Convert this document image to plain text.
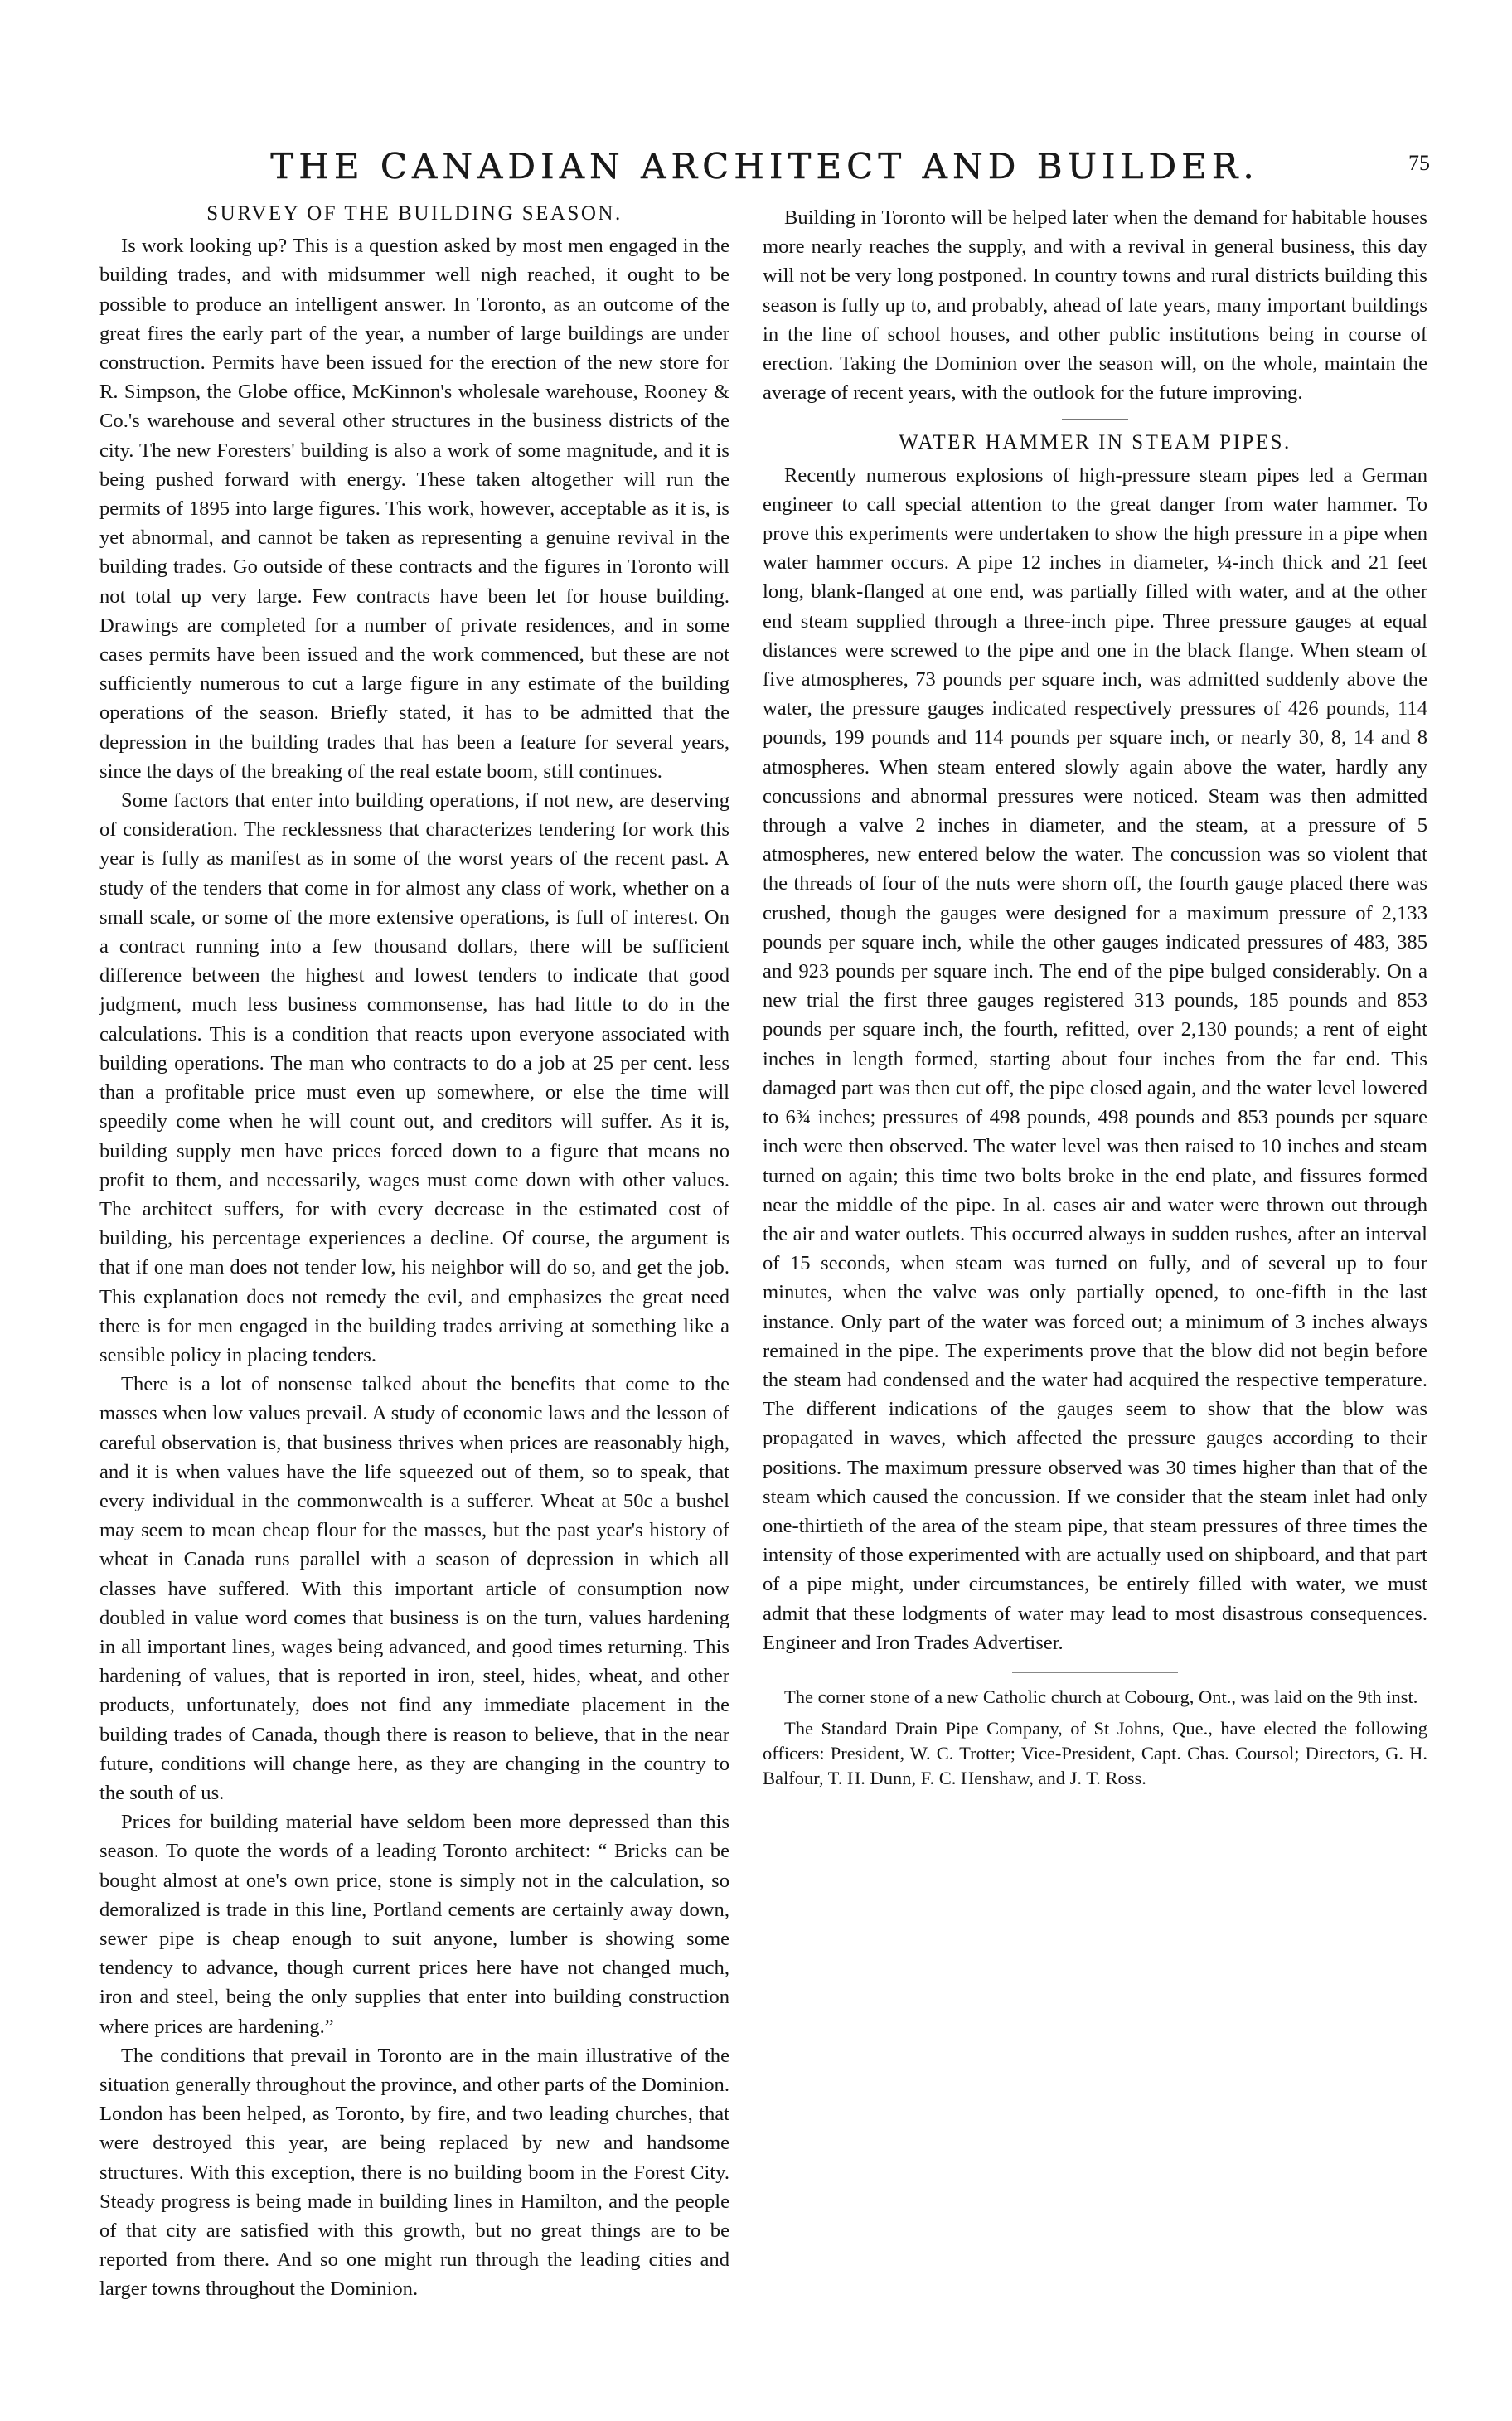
THE CANADIAN ARCHITECT AND BUILDER.	75
SURVEY OF THE BUILDING SEASON.

Is work looking up? This is a question asked by most men engaged in the building trades, and with midsummer well nigh reached, it ought to be possible to produce an intelligent answer. In Toronto, as an outcome of the great fires the early part of the year, a number of large buildings are under construction. Permits have been issued for the erection of the new store for R. Simpson, the Globe office, McKinnon's wholesale warehouse, Rooney & Co.'s warehouse and several other structures in the business districts of the city. The new Foresters' building is also a work of some magnitude, and it is being pushed forward with energy. These taken altogether will run the permits of 1895 into large figures. This work, however, acceptable as it is, is yet abnormal, and cannot be taken as representing a genuine revival in the building trades. Go outside of these contracts and the figures in Toronto will not total up very large. Few contracts have been let for house building. Drawings are completed for a number of private residences, and in some cases permits have been issued and the work commenced, but these are not sufficiently numerous to cut a large figure in any estimate of the building operations of the season. Briefly stated, it has to be admitted that the depression in the building trades that has been a feature for several years, since the days of the breaking of the real estate boom, still continues.

Some factors that enter into building operations, if not new, are deserving of consideration. The recklessness that characterizes tendering for work this year is fully as manifest as in some of the worst years of the recent past. A study of the tenders that come in for almost any class of work, whether on a small scale, or some of the more extensive operations, is full of interest. On a contract running into a few thousand dollars, there will be sufficient difference between the highest and lowest tenders to indicate that good judgment, much less business commonsense, has had little to do in the calculations. This is a condition that reacts upon everyone associated with building operations. The man who contracts to do a job at 25 per cent. less than a profitable price must even up somewhere, or else the time will speedily come when he will count out, and creditors will suffer. As it is, building supply men have prices forced down to a figure that means no profit to them, and necessarily, wages must come down with other values. The architect suffers, for with every decrease in the estimated cost of building, his percentage experiences a decline. Of course, the argument is that if one man does not tender low, his neighbor will do so, and get the job. This explanation does not remedy the evil, and emphasizes the great need there is for men engaged in the building trades arriving at something like a sensible policy in placing tenders.

There is a lot of nonsense talked about the benefits that come to the masses when low values prevail. A study of economic laws and the lesson of careful observation is, that business thrives when prices are reasonably high, and it is when values have the life squeezed out of them, so to speak, that every individual in the commonwealth is a sufferer. Wheat at 50c a bushel may seem to mean cheap flour for the masses, but the past year's history of wheat in Canada runs parallel with a season of depression in which all classes have suffered. With this important article of consumption now doubled in value word comes that business is on the turn, values hardening in all important lines, wages being advanced, and good times returning. This hardening of values, that is reported in iron, steel, hides, wheat, and other products, unfortunately, does not find any immediate placement in the building trades of Canada, though there is reason to believe, that in the near future, conditions will change here, as they are changing in the country to the south of us.

Prices for building material have seldom been more depressed than this season. To quote the words of a leading Toronto architect: “ Bricks can be bought almost at one's own price, stone is simply not in the calculation, so demoralized is trade in this line, Portland cements are certainly away down, sewer pipe is cheap enough to suit anyone, lumber is showing some tendency to advance, though current prices here have not changed much, iron and steel, being the only supplies that enter into building construction where prices are hardening.”

The conditions that prevail in Toronto are in the main illustrative of the situation generally throughout the province, and other parts of the Dominion. London has been helped, as Toronto, by fire, and two leading churches, that were destroyed this year, are being replaced by new and handsome structures. With this exception, there is no building boom in the Forest City. Steady progress is being made in building lines in Hamilton, and the people of that city are satisfied with this growth, but no great things are to be reported from there. And so one might run through the leading cities and larger towns throughout the Dominion.

Building in Toronto will be helped later when the demand for habitable houses more nearly reaches the supply, and with a revival in general business, this day will not be very long postponed. In country towns and rural districts building this season is fully up to, and probably, ahead of late years, many important buildings in the line of school houses, and other public institutions being in course of erection. Taking the Dominion over the season will, on the whole, maintain the average of recent years, with the outlook for the future improving.

WATER HAMMER IN STEAM PIPES.

Recently numerous explosions of high-pressure steam pipes led a German engineer to call special attention to the great danger from water hammer. To prove this experiments were undertaken to show the high pressure in a pipe when water hammer occurs. A pipe 12 inches in diameter, ¼-inch thick and 21 feet long, blank-flanged at one end, was partially filled with water, and at the other end steam supplied through a three-inch pipe. Three pressure gauges at equal distances were screwed to the pipe and one in the black flange. When steam of five atmospheres, 73 pounds per square inch, was admitted suddenly above the water, the pressure gauges indicated respectively pressures of 426 pounds, 114 pounds, 199 pounds and 114 pounds per square inch, or nearly 30, 8, 14 and 8 atmospheres. When steam entered slowly again above the water, hardly any concussions and abnormal pressures were noticed. Steam was then admitted through a valve 2 inches in diameter, and the steam, at a pressure of 5 atmospheres, new entered below the water. The concussion was so violent that the threads of four of the nuts were shorn off, the fourth gauge placed there was crushed, though the gauges were designed for a maximum pressure of 2,133 pounds per square inch, while the other gauges indicated pressures of 483, 385 and 923 pounds per square inch. The end of the pipe bulged considerably. On a new trial the first three gauges registered 313 pounds, 185 pounds and 853 pounds per square inch, the fourth, refitted, over 2,130 pounds; a rent of eight inches in length formed, starting about four inches from the far end. This damaged part was then cut off, the pipe closed again, and the water level lowered to 6¾ inches; pressures of 498 pounds, 498 pounds and 853 pounds per square inch were then observed. The water level was then raised to 10 inches and steam turned on again; this time two bolts broke in the end plate, and fissures formed near the middle of the pipe. In al. cases air and water were thrown out through the air and water outlets. This occurred always in sudden rushes, after an interval of 15 seconds, when steam was turned on fully, and of several up to four minutes, when the valve was only partially opened, to one-fifth in the last instance. Only part of the water was forced out; a minimum of 3 inches always remained in the pipe. The experiments prove that the blow did not begin before the steam had condensed and the water had acquired the respective temperature. The different indications of the gauges seem to show that the blow was propagated in waves, which affected the pressure gauges according to their positions. The maximum pressure observed was 30 times higher than that of the steam which caused the concussion. If we consider that the steam inlet had only one-thirtieth of the area of the steam pipe, that steam pressures of three times the intensity of those experimented with are actually used on shipboard, and that part of a pipe might, under circumstances, be entirely filled with water, we must admit that these lodgments of water may lead to most disastrous consequences. Engineer and Iron Trades Advertiser.

The corner stone of a new Catholic church at Cobourg, Ont., was laid on the 9th inst.

The Standard Drain Pipe Company, of St Johns, Que., have elected the following officers: President, W. C. Trotter; Vice-President, Capt. Chas. Coursol; Directors, G. H. Balfour, T. H. Dunn, F. C. Henshaw, and J. T. Ross.
